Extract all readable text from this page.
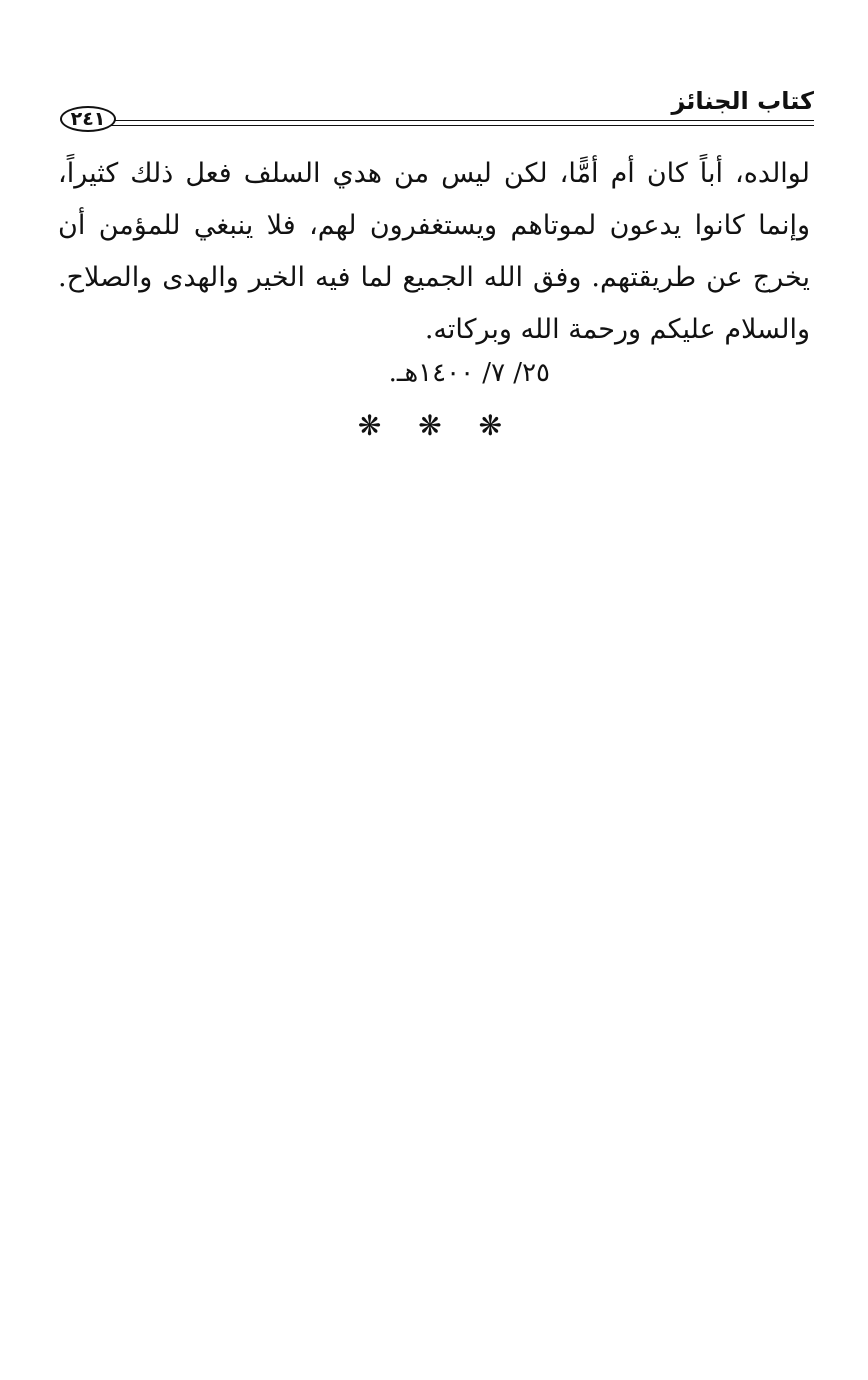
كتاب الجنائز
٢٤١

لوالده، أباً كان أم أمًّا، لكن ليس من هدي السلف فعل ذلك كثيراً، وإنما كانوا يدعون لموتاهم ويستغفرون لهم، فلا ينبغي للمؤمن أن يخرج عن طريقتهم. وفق الله الجميع لما فيه الخير والهدى والصلاح. والسلام عليكم ورحمة الله وبركاته.

٢٥/ ٧/ ١٤٠٠هـ.
❋ ❋ ❋
